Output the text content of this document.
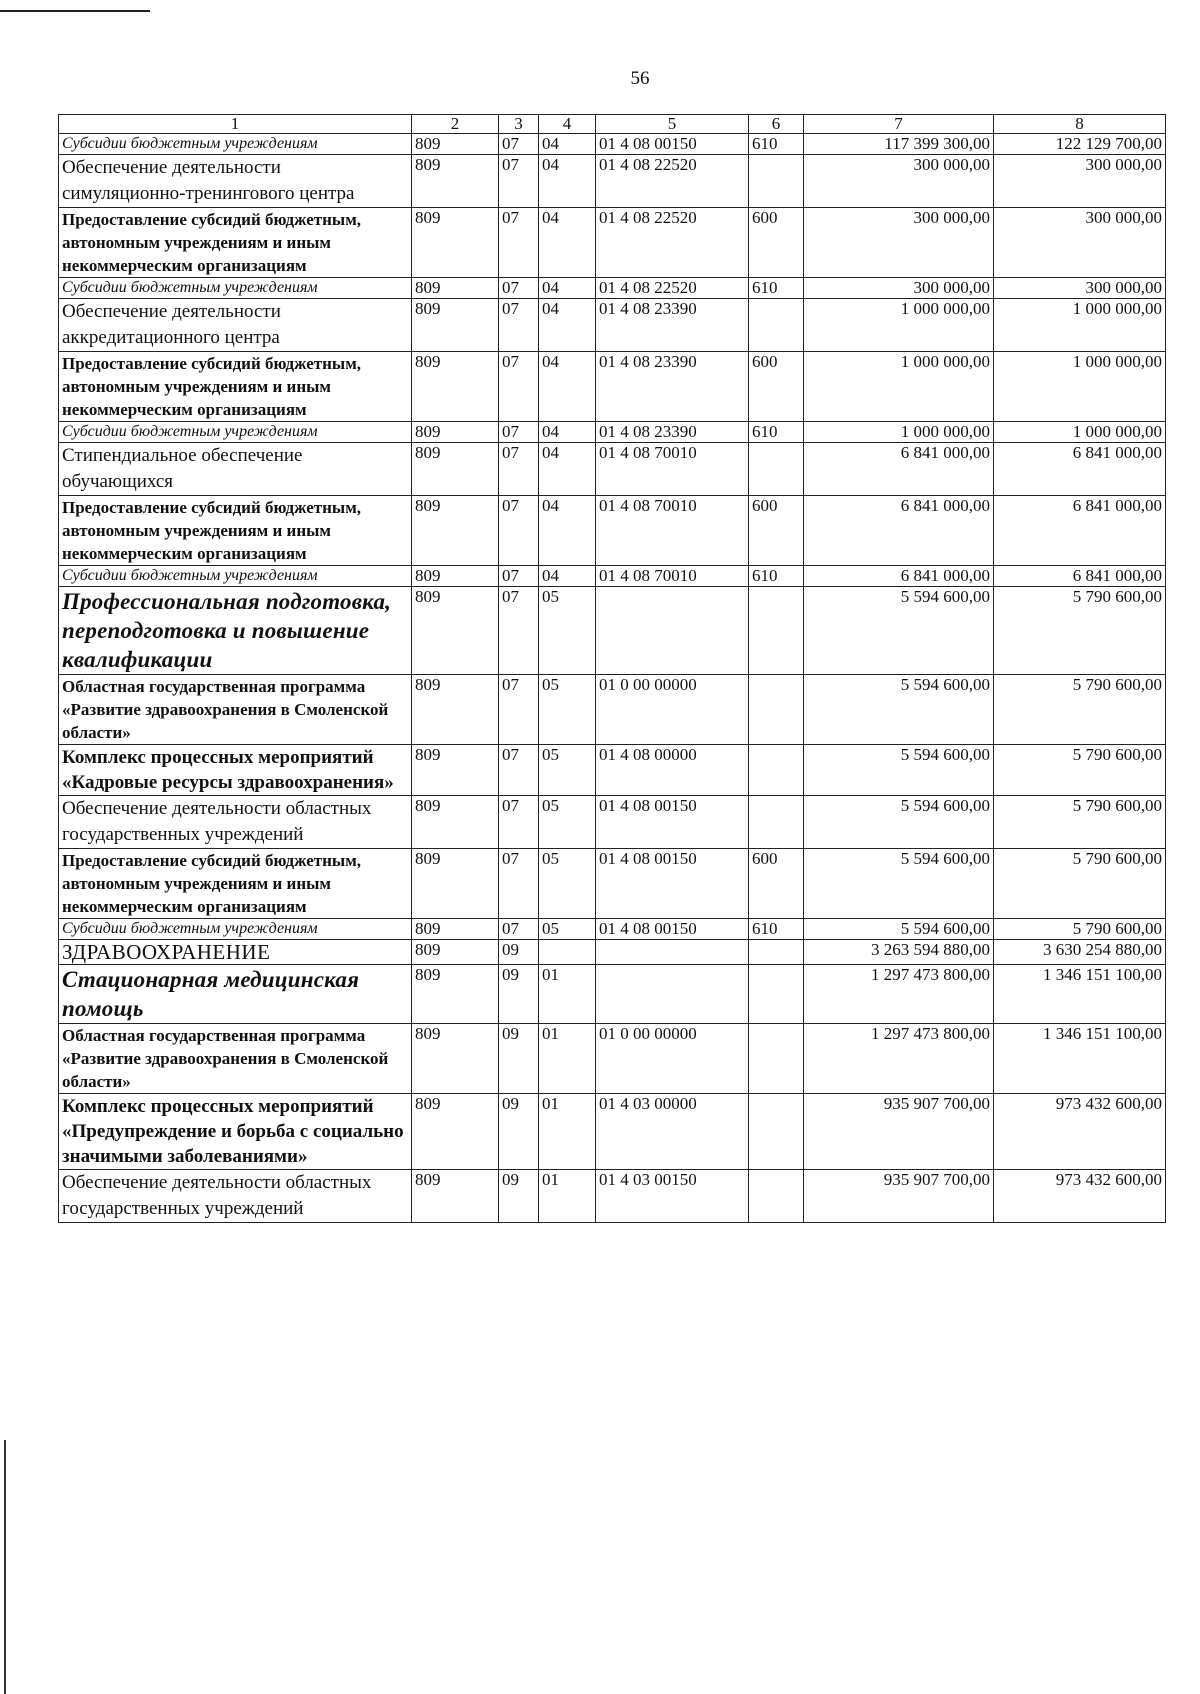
56
1	2	3	4	5	6	7	8
Субсидии бюджетным учреждениям	809	07	04	01 4 08 00150	610	117 399 300,00	122 129 700,00
Обеспечение деятельности симуляционно-тренингового центра	809	07	04	01 4 08 22520		300 000,00	300 000,00
Предоставление субсидий бюджетным, автономным учреждениям и иным некоммерческим организациям	809	07	04	01 4 08 22520	600	300 000,00	300 000,00
Субсидии бюджетным учреждениям	809	07	04	01 4 08 22520	610	300 000,00	300 000,00
Обеспечение деятельности аккредитационного центра	809	07	04	01 4 08 23390		1 000 000,00	1 000 000,00
Предоставление субсидий бюджетным, автономным учреждениям и иным некоммерческим организациям	809	07	04	01 4 08 23390	600	1 000 000,00	1 000 000,00
Субсидии бюджетным учреждениям	809	07	04	01 4 08 23390	610	1 000 000,00	1 000 000,00
Стипендиальное обеспечение обучающихся	809	07	04	01 4 08 70010		6 841 000,00	6 841 000,00
Предоставление субсидий бюджетным, автономным учреждениям и иным некоммерческим организациям	809	07	04	01 4 08 70010	600	6 841 000,00	6 841 000,00
Субсидии бюджетным учреждениям	809	07	04	01 4 08 70010	610	6 841 000,00	6 841 000,00
Профессиональная подготовка, переподготовка и повышение квалификации	809	07	05			5 594 600,00	5 790 600,00
Областная государственная программа «Развитие здравоохранения в Смоленской области»	809	07	05	01 0 00 00000		5 594 600,00	5 790 600,00
Комплекс процессных мероприятий «Кадровые ресурсы здравоохранения»	809	07	05	01 4 08 00000		5 594 600,00	5 790 600,00
Обеспечение деятельности областных государственных учреждений	809	07	05	01 4 08 00150		5 594 600,00	5 790 600,00
Предоставление субсидий бюджетным, автономным учреждениям и иным некоммерческим организациям	809	07	05	01 4 08 00150	600	5 594 600,00	5 790 600,00
Субсидии бюджетным учреждениям	809	07	05	01 4 08 00150	610	5 594 600,00	5 790 600,00
ЗДРАВООХРАНЕНИЕ	809	09				3 263 594 880,00	3 630 254 880,00
Стационарная медицинская помощь	809	09	01			1 297 473 800,00	1 346 151 100,00
Областная государственная программа «Развитие здравоохранения в Смоленской области»	809	09	01	01 0 00 00000		1 297 473 800,00	1 346 151 100,00
Комплекс процессных мероприятий «Предупреждение и борьба с социально значимыми заболеваниями»	809	09	01	01 4 03 00000		935 907 700,00	973 432 600,00
Обеспечение деятельности областных государственных учреждений	809	09	01	01 4 03 00150		935 907 700,00	973 432 600,00
